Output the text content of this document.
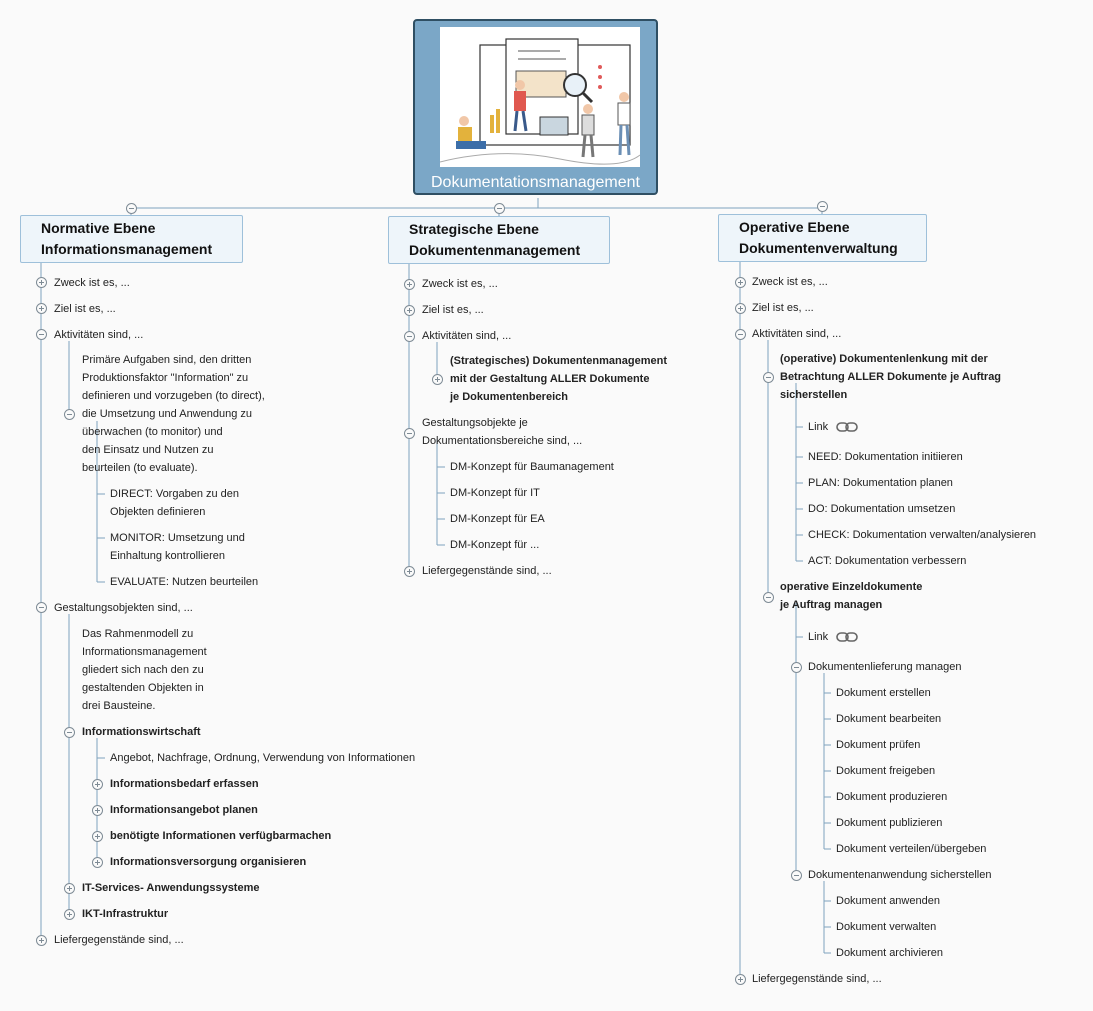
Dokumentationsmanagement
Normative Ebene
Informationsmanagement
Zweck ist es, ...
Ziel ist es, ...
Aktivitäten sind, ...
Primäre Aufgaben sind, den dritten
Produktionsfaktor "Information" zu
definieren und vorzugeben (to direct),
die Umsetzung und Anwendung zu
überwachen (to monitor) und
den Einsatz und Nutzen zu
beurteilen (to evaluate).
DIRECT: Vorgaben zu den
Objekten definieren
MONITOR: Umsetzung und
Einhaltung kontrollieren
EVALUATE: Nutzen beurteilen
Gestaltungsobjekten sind, ...
Das Rahmenmodell zu
Informationsmanagement
gliedert sich nach den zu
gestaltenden Objekten in
drei Bausteine.
Informationswirtschaft
Angebot, Nachfrage, Ordnung, Verwendung von Informationen
Informationsbedarf erfassen
Informationsangebot planen
benötigte Informationen verfügbarmachen
Informationsversorgung organisieren
IT-Services- Anwendungssysteme
IKT-Infrastruktur
Liefergegenstände sind, ...
Strategische Ebene
Dokumentenmanagement
Zweck ist es, ...
Ziel ist es, ...
Aktivitäten sind, ...
(Strategisches) Dokumentenmanagement
mit der Gestaltung ALLER Dokumente
je Dokumentenbereich
Gestaltungsobjekte je
Dokumentationsbereiche sind, ...
DM-Konzept für Baumanagement
DM-Konzept für IT
DM-Konzept für EA
DM-Konzept für ...
Liefergegenstände sind, ...
Operative Ebene
Dokumentenverwaltung
Zweck ist es, ...
Ziel ist es, ...
Aktivitäten sind, ...
(operative) Dokumentenlenkung mit der
Betrachtung ALLER Dokumente je Auftrag
sicherstellen
Link
NEED: Dokumentation initiieren
PLAN: Dokumentation planen
DO: Dokumentation umsetzen
CHECK: Dokumentation verwalten/analysieren
ACT: Dokumentation verbessern
operative Einzeldokumente
je Auftrag managen
Link
Dokumentenlieferung managen
Dokument erstellen
Dokument bearbeiten
Dokument prüfen
Dokument freigeben
Dokument produzieren
Dokument publizieren
Dokument verteilen/übergeben
Dokumentenanwendung sicherstellen
Dokument anwenden
Dokument verwalten
Dokument archivieren
Liefergegenstände sind, ...
